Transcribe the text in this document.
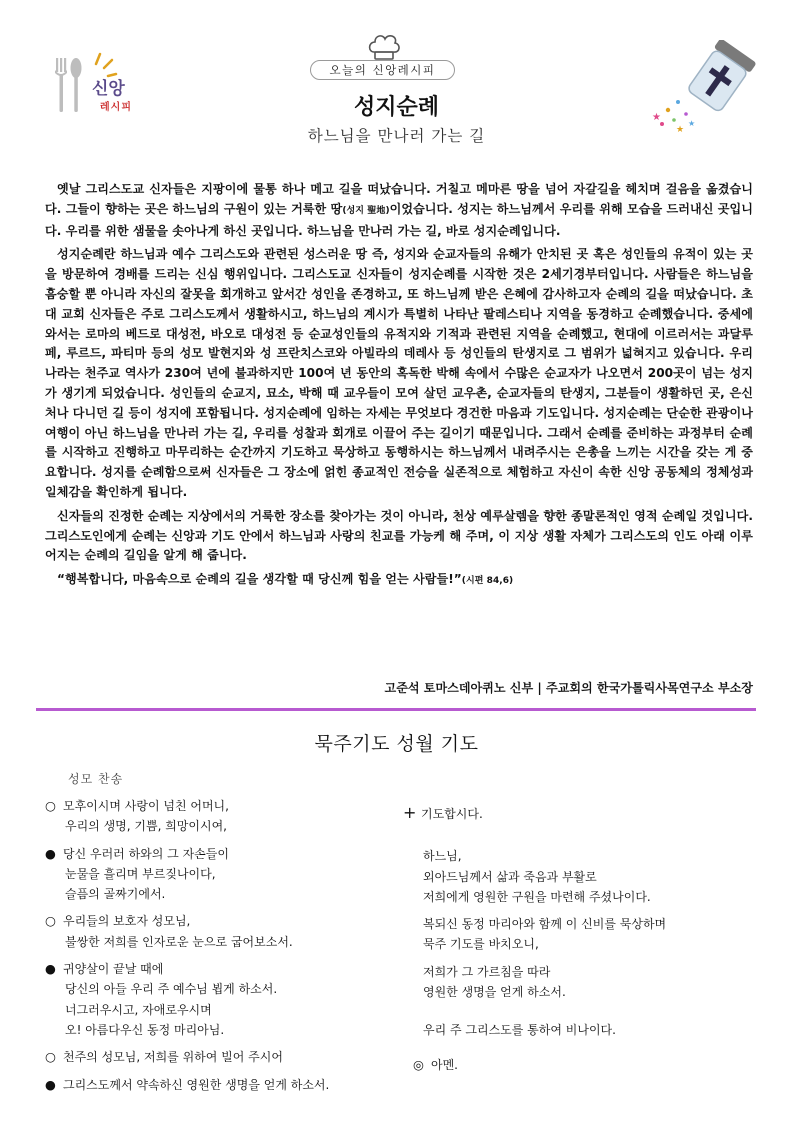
신앙
레시피
오늘의 신앙레시피
성지순례
하느님을 만나러 가는 길
★
★
★

옛날 그리스도교 신자들은 지팡이에 물통 하나 메고 길을 떠났습니다. 거칠고 메마른 땅을 넘어 자갈길을 헤치며 걸음을 옮겼습니다. 그들이 향하는 곳은 하느님의 구원이 있는 거룩한 땅(성지 聖地)이었습니다. 성지는 하느님께서 우리를 위해 모습을 드러내신 곳입니다. 우리를 위한 샘물을 솟아나게 하신 곳입니다. 하느님을 만나러 가는 길, 바로 성지순례입니다.

성지순례란 하느님과 예수 그리스도와 관련된 성스러운 땅 즉, 성지와 순교자들의 유해가 안치된 곳 혹은 성인들의 유적이 있는 곳을 방문하여 경배를 드리는 신심 행위입니다. 그리스도교 신자들이 성지순례를 시작한 것은 2세기경부터입니다. 사람들은 하느님을 흠숭할 뿐 아니라 자신의 잘못을 회개하고 앞서간 성인을 존경하고, 또 하느님께 받은 은혜에 감사하고자 순례의 길을 떠났습니다. 초대 교회 신자들은 주로 그리스도께서 생활하시고, 하느님의 계시가 특별히 나타난 팔레스티나 지역을 동경하고 순례했습니다. 중세에 와서는 로마의 베드로 대성전, 바오로 대성전 등 순교성인들의 유적지와 기적과 관련된 지역을 순례했고, 현대에 이르러서는 과달루페, 루르드, 파티마 등의 성모 발현지와 성 프란치스코와 아빌라의 데레사 등 성인들의 탄생지로 그 범위가 넓혀지고 있습니다. 우리나라는 천주교 역사가 230여 년에 불과하지만 100여 년 동안의 혹독한 박해 속에서 수많은 순교자가 나오면서 200곳이 넘는 성지가 생기게 되었습니다. 성인들의 순교지, 묘소, 박해 때 교우들이 모여 살던 교우촌, 순교자들의 탄생지, 그분들이 생활하던 곳, 은신처나 다니던 길 등이 성지에 포함됩니다. 성지순례에 임하는 자세는 무엇보다 경건한 마음과 기도입니다. 성지순례는 단순한 관광이나 여행이 아닌 하느님을 만나러 가는 길, 우리를 성찰과 회개로 이끌어 주는 길이기 때문입니다. 그래서 순례를 준비하는 과정부터 순례를 시작하고 진행하고 마무리하는 순간까지 기도하고 묵상하고 동행하시는 하느님께서 내려주시는 은총을 느끼는 시간을 갖는 게 중요합니다. 성지를 순례함으로써 신자들은 그 장소에 얽힌 종교적인 전승을 실존적으로 체험하고 자신이 속한 신앙 공동체의 정체성과 일체감을 확인하게 됩니다.

신자들의 진정한 순례는 지상에서의 거룩한 장소를 찾아가는 것이 아니라, 천상 예루살렘을 향한 종말론적인 영적 순례일 것입니다. 그리스도인에게 순례는 신앙과 기도 안에서 하느님과 사랑의 친교를 가능케 해 주며, 이 지상 생활 자체가 그리스도의 인도 아래 이루어지는 순례의 길임을 알게 해 줍니다.

“행복합니다, 마음속으로 순례의 길을 생각할 때 당신께 힘을 얻는 사람들!”(시편 84,6)

고준석 토마스데아퀴노 신부 | 주교회의 한국가톨릭사목연구소 부소장
묵주기도 성월 기도
성모 찬송
○ 모후이시며 사랑이 넘친 어머니,
우리의 생명, 기쁨, 희망이시여,
● 당신 우러러 하와의 그 자손들이
눈물을 흘리며 부르짖나이다,
슬픔의 골짜기에서.
○ 우리들의 보호자 성모님,
불쌍한 저희를 인자로운 눈으로 굽어보소서.
● 귀양살이 끝날 때에
당신의 아들 우리 주 예수님 뵙게 하소서.
너그러우시고, 자애로우시며
오! 아름다우신 동정 마리아님.
○ 천주의 성모님, 저희를 위하여 빌어 주시어
● 그리스도께서 약속하신 영원한 생명을 얻게 하소서.
+ 기도합시다.
하느님,
외아드님께서 삶과 죽음과 부활로
저희에게 영원한 구원을 마련해 주셨나이다.
복되신 동정 마리아와 함께 이 신비를 묵상하며
묵주 기도를 바치오니,
저희가 그 가르침을 따라
영원한 생명을 얻게 하소서.
우리 주 그리스도를 통하여 비나이다.
◎ 아멘.
